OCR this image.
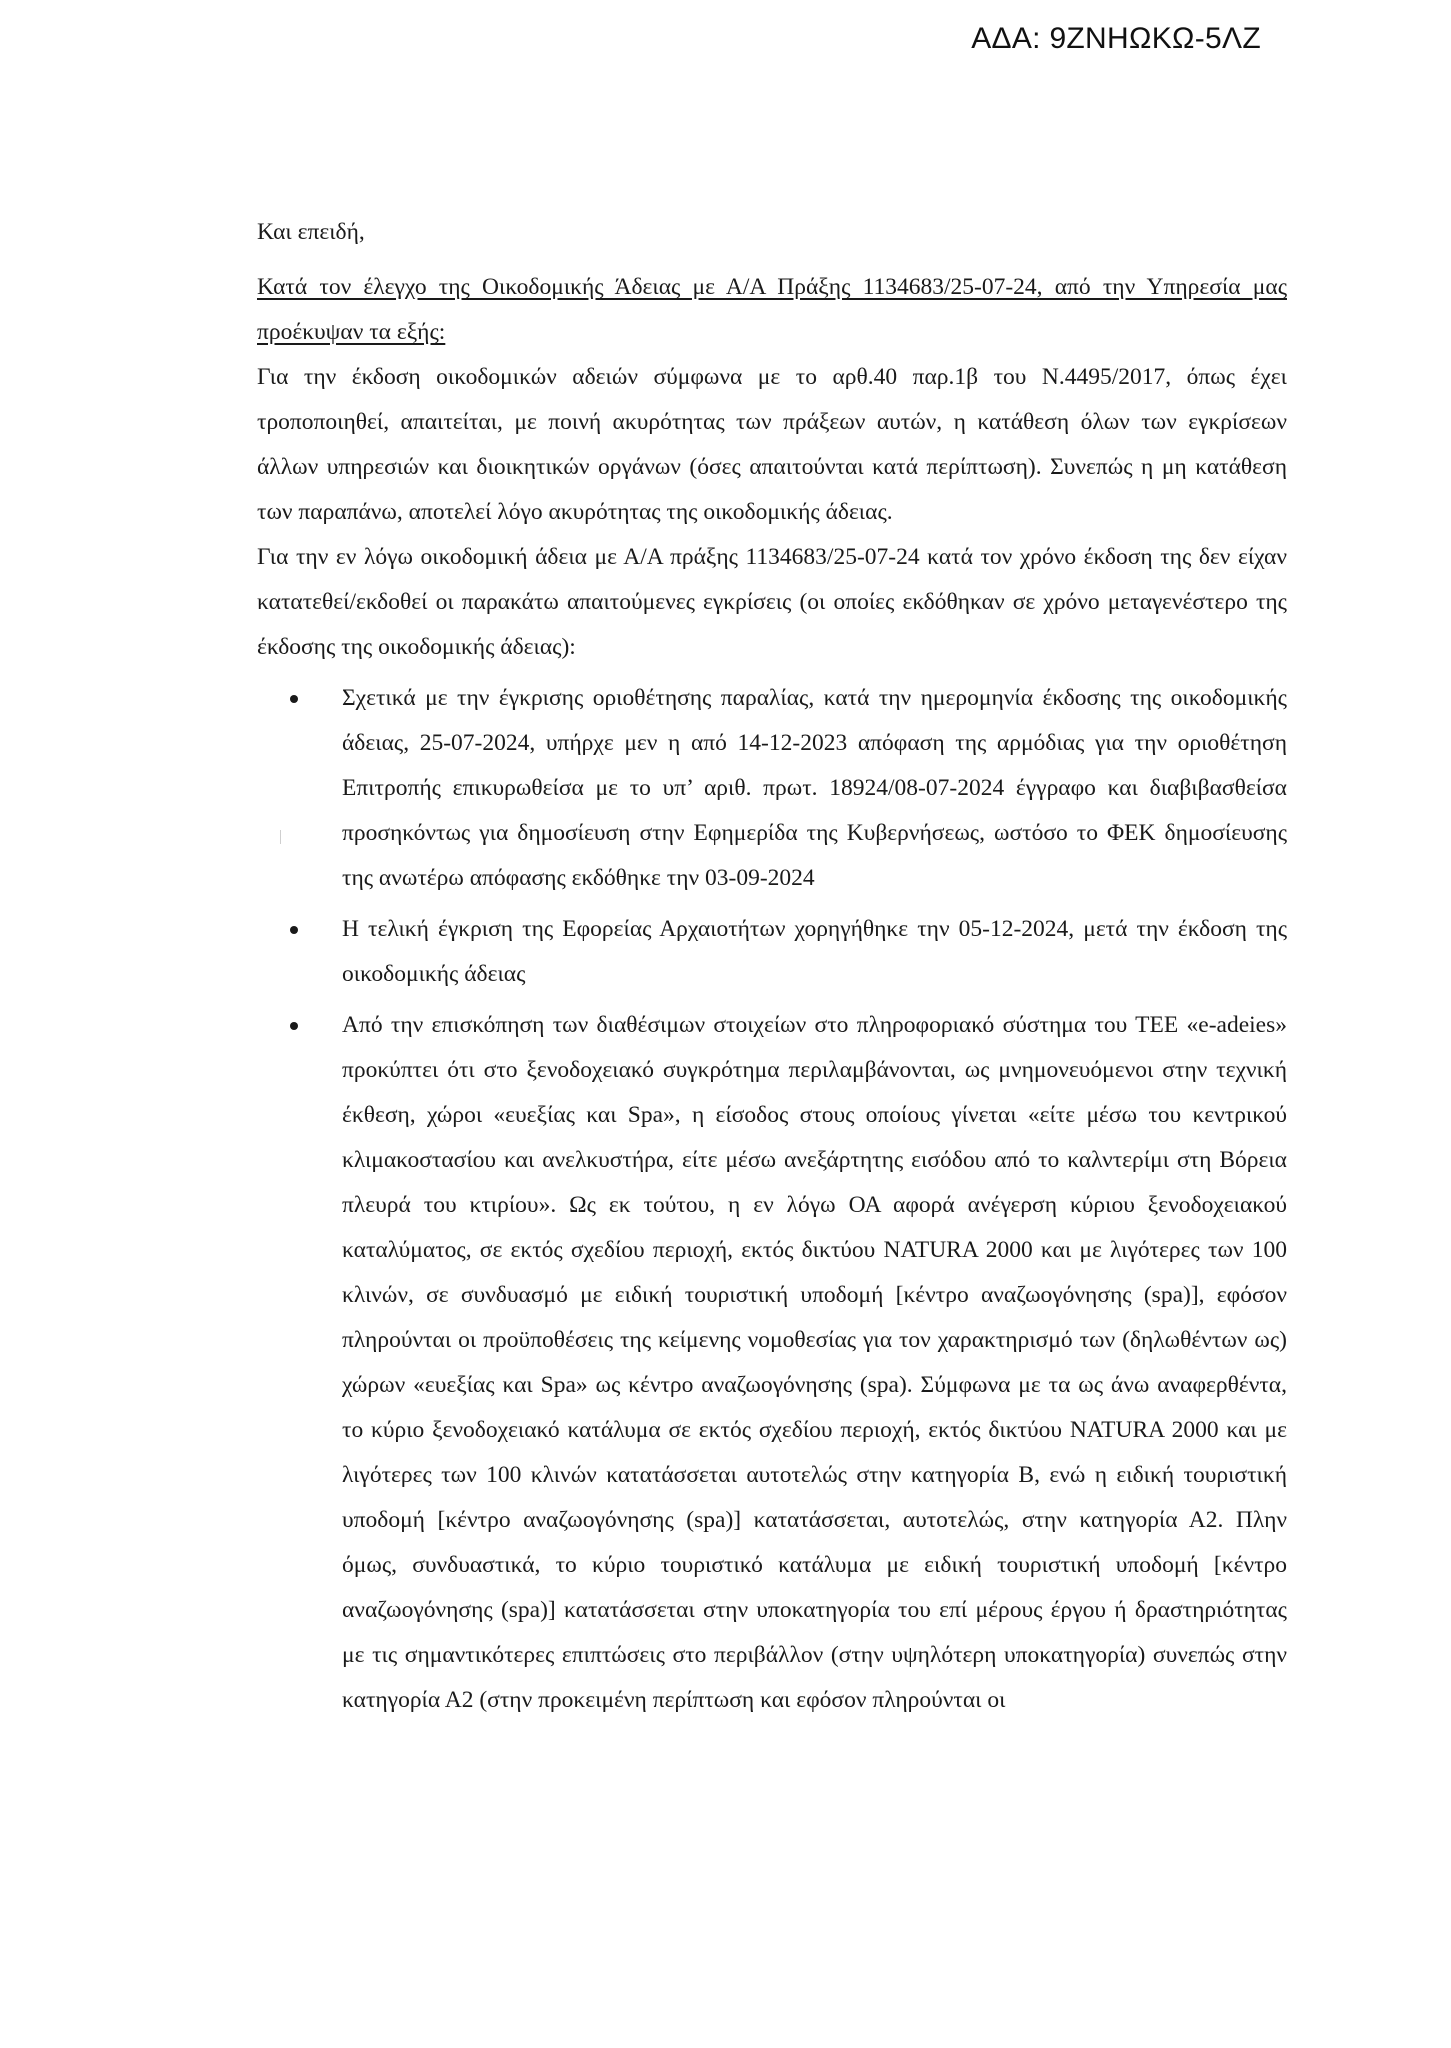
ΑΔΑ: 9ΖΝΗΩΚΩ-5ΛΖ

Και επειδή,

Κατά τον έλεγχο της Οικοδομικής Άδειας με Α/Α Πράξης 1134683/25-07-24, από την Υπηρεσία μας προέκυψαν τα εξής:

Για την έκδοση οικοδομικών αδειών σύμφωνα με το αρθ.40 παρ.1β του Ν.4495/2017, όπως έχει τροποποιηθεί, απαιτείται, με ποινή ακυρότητας των πράξεων αυτών, η κατάθεση όλων των εγκρίσεων άλλων υπηρεσιών και διοικητικών οργάνων (όσες απαιτούνται κατά περίπτωση). Συνεπώς η μη κατάθεση των παραπάνω, αποτελεί λόγο ακυρότητας της οικοδομικής άδειας.

Για την εν λόγω οικοδομική άδεια με Α/Α πράξης 1134683/25-07-24 κατά τον χρόνο έκδοση της δεν είχαν κατατεθεί/εκδοθεί οι παρακάτω απαιτούμενες εγκρίσεις (οι οποίες εκδόθηκαν σε χρόνο μεταγενέστερο της έκδοσης της οικοδομικής άδειας):

Σχετικά με την έγκρισης οριοθέτησης παραλίας, κατά την ημερομηνία έκδοσης της οικοδομικής άδειας, 25-07-2024, υπήρχε μεν η από 14-12-2023 απόφαση της αρμόδιας για την οριοθέτηση Επιτροπής επικυρωθείσα με το υπ’ αριθ. πρωτ. 18924/08-07-2024 έγγραφο και διαβιβασθείσα προσηκόντως για δημοσίευση στην Εφημερίδα της Κυβερνήσεως, ωστόσο το ΦΕΚ δημοσίευσης της ανωτέρω απόφασης εκδόθηκε την 03-09-2024
Η τελική έγκριση της Εφορείας Αρχαιοτήτων χορηγήθηκε την 05-12-2024, μετά την έκδοση της οικοδομικής άδειας
Από την επισκόπηση των διαθέσιμων στοιχείων στο πληροφοριακό σύστημα του ΤΕΕ «e-adeies» προκύπτει ότι στο ξενοδοχειακό συγκρότημα περιλαμβάνονται, ως μνημονευόμενοι στην τεχνική έκθεση, χώροι «ευεξίας και Spa», η είσοδος στους οποίους γίνεται «είτε μέσω του κεντρικού κλιμακοστασίου και ανελκυστήρα, είτε μέσω ανεξάρτητης εισόδου από το καλντερίμι στη Βόρεια πλευρά του κτιρίου». Ως εκ τούτου, η εν λόγω ΟΑ αφορά ανέγερση κύριου ξενοδοχειακού καταλύματος, σε εκτός σχεδίου περιοχή, εκτός δικτύου NATURA 2000 και με λιγότερες των 100 κλινών, σε συνδυασμό με ειδική τουριστική υποδομή [κέντρο αναζωογόνησης (spa)], εφόσον πληρούνται οι προϋποθέσεις της κείμενης νομοθεσίας για τον χαρακτηρισμό των (δηλωθέντων ως) χώρων «ευεξίας και Spa» ως κέντρο αναζωογόνησης (spa). Σύμφωνα με τα ως άνω αναφερθέντα, το κύριο ξενοδοχειακό κατάλυμα σε εκτός σχεδίου περιοχή, εκτός δικτύου NATURA 2000 και με λιγότερες των 100 κλινών κατατάσσεται αυτοτελώς στην κατηγορία Β, ενώ η ειδική τουριστική υποδομή [κέντρο αναζωογόνησης (spa)] κατατάσσεται, αυτοτελώς, στην κατηγορία Α2. Πλην όμως, συνδυαστικά, το κύριο τουριστικό κατάλυμα με ειδική τουριστική υποδομή [κέντρο αναζωογόνησης (spa)] κατατάσσεται στην υποκατηγορία του επί μέρους έργου ή δραστηριότητας με τις σημαντικότερες επιπτώσεις στο περιβάλλον (στην υψηλότερη υποκατηγορία) συνεπώς στην κατηγορία Α2 (στην προκειμένη περίπτωση και εφόσον πληρούνται οι
